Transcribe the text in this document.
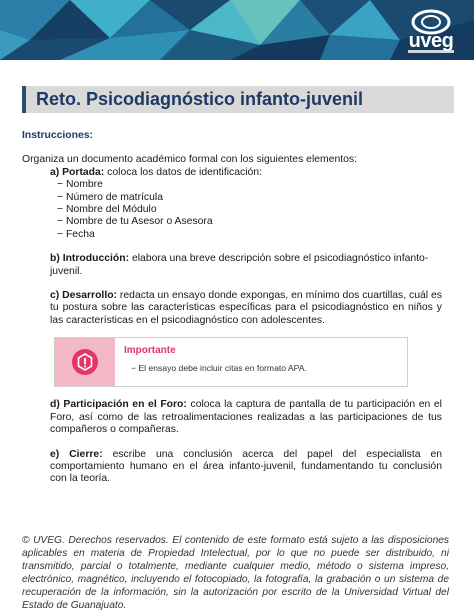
uveg
Reto. Psicodiagnóstico infanto-juvenil
Instrucciones:
Organiza un documento académico formal con los siguientes elementos:
a) Portada: coloca los datos de identificación:
− Nombre
− Número de matrícula
− Nombre del Módulo
− Nombre de tu Asesor o Asesora
− Fecha
b) Introducción: elabora una breve descripción sobre el psicodiagnóstico infanto-juvenil.
c) Desarrollo: redacta un ensayo donde expongas, en mínimo dos cuartillas, cuál es tu postura sobre las características específicas para el psicodiagnóstico en niños y las características en el psicodiagnóstico con adolescentes.
Importante
− El ensayo debe incluir citas en formato APA.
d) Participación en el Foro: coloca la captura de pantalla de tu participación en el Foro, así como de las retroalimentaciones realizadas a las participaciones de tus compañeros o compañeras.
e) Cierre: escribe una conclusión acerca del papel del especialista en comportamiento humano en el área infanto-juvenil, fundamentando tu conclusión con la teoría.
© UVEG. Derechos reservados. El contenido de este formato está sujeto a las disposiciones aplicables en materia de Propiedad Intelectual, por lo que no puede ser distribuido, ni transmitido, parcial o totalmente, mediante cualquier medio, método o sistema impreso, electrónico, magnético, incluyendo el fotocopiado, la fotografía, la grabación o un sistema de recuperación de la información, sin la autorización por escrito de la Universidad Virtual del Estado de Guanajuato.
